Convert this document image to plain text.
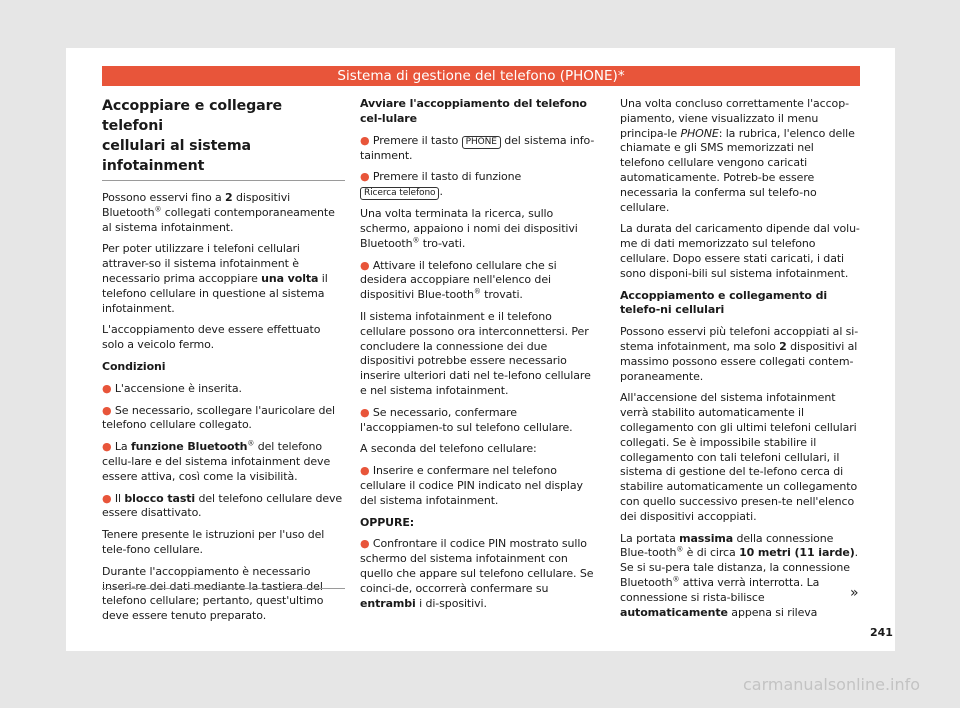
Sistema di gestione del telefono (PHONE)*
Accoppiare e collegare telefoni
cellulari al sistema infotainment

Possono esservi fino a 2 dispositivi Bluetooth® collegati contemporaneamente al sistema infotainment.

Per poter utilizzare i telefoni cellulari attraver-so il sistema infotainment è necessario prima accoppiare una volta il telefono cellulare in questione al sistema infotainment.

L'accoppiamento deve essere effettuato solo a veicolo fermo.

Condizioni

● L'accensione è inserita.

● Se necessario, scollegare l'auricolare del telefono cellulare collegato.

● La funzione Bluetooth® del telefono cellu-lare e del sistema infotainment deve essere attiva, così come la visibilità.

● Il blocco tasti del telefono cellulare deve essere disattivato.

Tenere presente le istruzioni per l'uso del tele-fono cellulare.

Durante l'accoppiamento è necessario inseri-re dei dati mediante la tastiera del telefono cellulare; pertanto, quest'ultimo deve essere tenuto preparato.

Avviare l'accoppiamento del telefono cel-lulare

● Premere il tasto PHONE del sistema info-tainment.

● Premere il tasto di funzione Ricerca telefono .

Una volta terminata la ricerca, sullo schermo, appaiono i nomi dei dispositivi Bluetooth® tro-vati.

● Attivare il telefono cellulare che si desidera accoppiare nell'elenco dei dispositivi Blue-tooth® trovati.

Il sistema infotainment e il telefono cellulare possono ora interconnettersi. Per concludere la connessione dei due dispositivi potrebbe essere necessario inserire ulteriori dati nel te-lefono cellulare e nel sistema infotainment.

● Se necessario, confermare l'accoppiamen-to sul telefono cellulare.

A seconda del telefono cellulare:

● Inserire e confermare nel telefono cellulare il codice PIN indicato nel display del sistema infotainment.

OPPURE:

● Confrontare il codice PIN mostrato sullo schermo del sistema infotainment con quello che appare sul telefono cellulare. Se coinci-de, occorrerà confermare su entrambi i di-spositivi.

Una volta concluso correttamente l'accop-piamento, viene visualizzato il menu principa-le PHONE: la rubrica, l'elenco delle chiamate e gli SMS memorizzati nel telefono cellulare vengono caricati automaticamente. Potreb-be essere necessaria la conferma sul telefo-no cellulare.

La durata del caricamento dipende dal volu-me di dati memorizzato sul telefono cellulare. Dopo essere stati caricati, i dati sono disponi-bili sul sistema infotainment.

Accoppiamento e collegamento di telefo-ni cellulari

Possono esservi più telefoni accoppiati al si-stema infotainment, ma solo 2 dispositivi al massimo possono essere collegati contem-poraneamente.

All'accensione del sistema infotainment verrà stabilito automaticamente il collegamento con gli ultimi telefoni cellulari collegati. Se è impossibile stabilire il collegamento con tali telefoni cellulari, il sistema di gestione del te-lefono cerca di stabilire automaticamente un collegamento con quello successivo presen-te nell'elenco dei dispositivi accoppiati.

La portata massima della connessione Blue-tooth® è di circa 10 metri (11 iarde). Se si su-pera tale distanza, la connessione Bluetooth® attiva verrà interrotta. La connessione si rista-bilisce automaticamente appena si rileva

»
241
carmanualsonline.info
